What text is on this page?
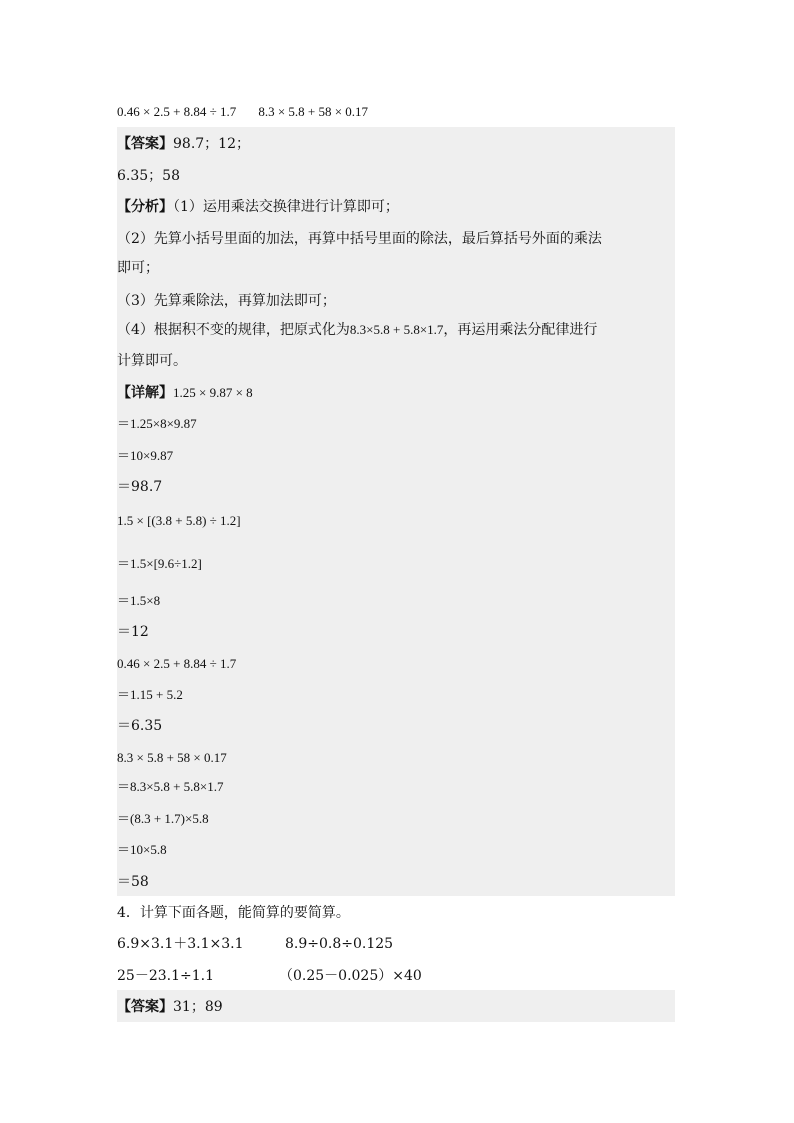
0.46 × 2.5 + 8.84 ÷ 1.7 8.3 × 5.8 + 58 × 0.17
【答案】98.7；12；
6.35；58
【分析】（1）运用乘法交换律进行计算即可；
（2）先算小括号里面的加法，再算中括号里面的除法，最后算括号外面的乘法
即可；
（3）先算乘除法，再算加法即可；
（4）根据积不变的规律，把原式化为8.3×5.8 + 5.8×1.7，再运用乘法分配律进行
计算即可。
【详解】1.25 × 9.87 × 8
＝1.25×8×9.87
＝10×9.87
＝98.7
1.5 × [(3.8 + 5.8) ÷ 1.2]
＝1.5×[9.6÷1.2]
＝1.5×8
＝12
0.46 × 2.5 + 8.84 ÷ 1.7
＝1.15 + 5.2
＝6.35
8.3 × 5.8 + 58 × 0.17
＝8.3×5.8 + 5.8×1.7
＝(8.3 + 1.7)×5.8
＝10×5.8
＝58
4．计算下面各题，能简算的要简算。
6.9×3.1＋3.1×3.1	8.9÷0.8÷0.125
25－23.1÷1.1	（0.25－0.025）×40
【答案】31；89
